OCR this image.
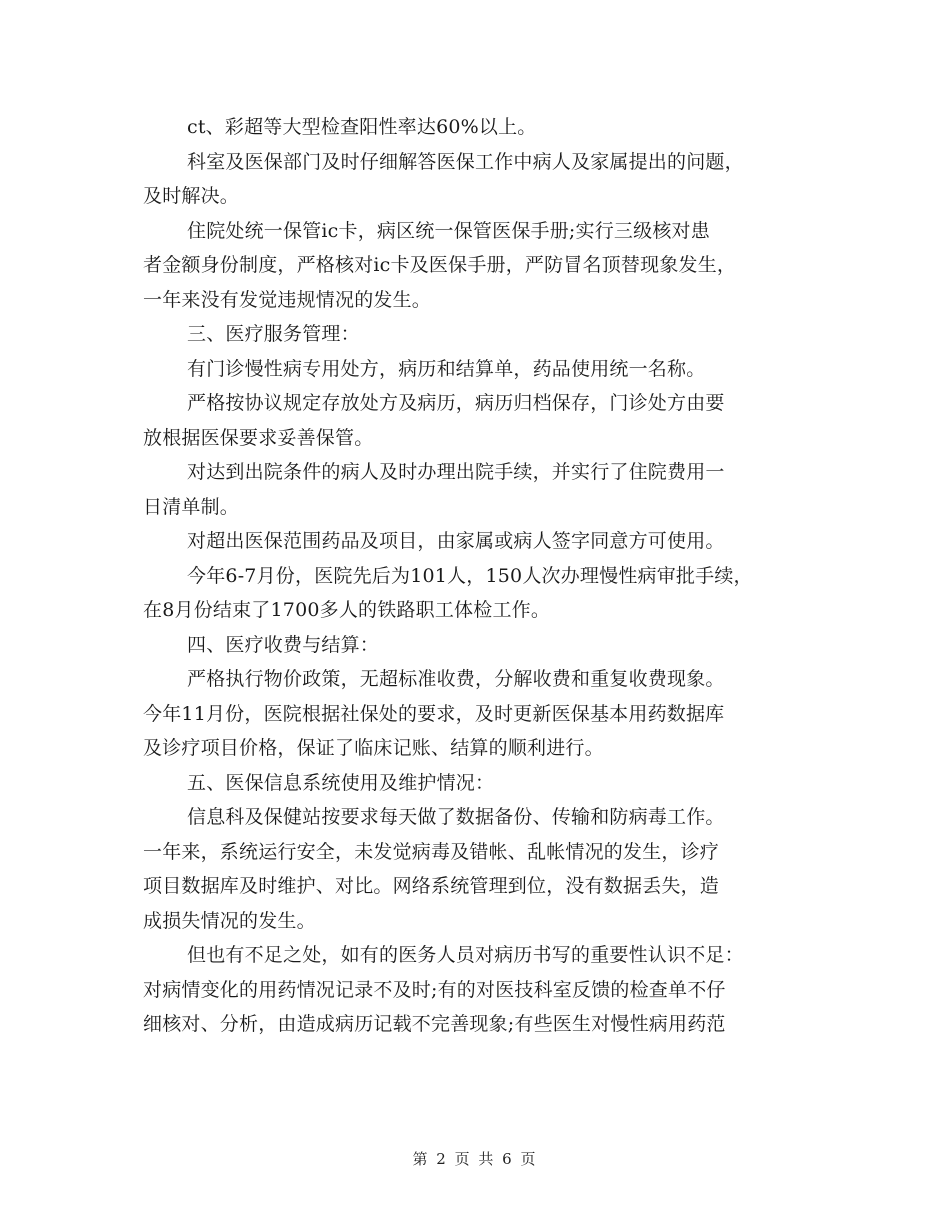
ct、彩超等大型检查阳性率达60%以上。
科室及医保部门及时仔细解答医保工作中病人及家属提出的问题，
及时解决。
住院处统一保管ic卡，病区统一保管医保手册;实行三级核对患
者金额身份制度，严格核对ic卡及医保手册，严防冒名顶替现象发生，
一年来没有发觉违规情况的发生。
三、医疗服务管理：
有门诊慢性病专用处方，病历和结算单，药品使用统一名称。
严格按协议规定存放处方及病历，病历归档保存，门诊处方由要
放根据医保要求妥善保管。
对达到出院条件的病人及时办理出院手续，并实行了住院费用一
日清单制。
对超出医保范围药品及项目，由家属或病人签字同意方可使用。
今年6-7月份，医院先后为101人，150人次办理慢性病审批手续，
在8月份结束了1700多人的铁路职工体检工作。
四、医疗收费与结算：
严格执行物价政策，无超标准收费，分解收费和重复收费现象。
今年11月份，医院根据社保处的要求，及时更新医保基本用药数据库
及诊疗项目价格，保证了临床记账、结算的顺利进行。
五、医保信息系统使用及维护情况：
信息科及保健站按要求每天做了数据备份、传输和防病毒工作。
一年来，系统运行安全，未发觉病毒及错帐、乱帐情况的发生，诊疗
项目数据库及时维护、对比。网络系统管理到位，没有数据丢失，造
成损失情况的发生。
但也有不足之处，如有的医务人员对病历书写的重要性认识不足：
对病情变化的用药情况记录不及时;有的对医技科室反馈的检查单不仔
细核对、分析，由造成病历记载不完善现象;有些医生对慢性病用药范
第 2 页 共 6 页
